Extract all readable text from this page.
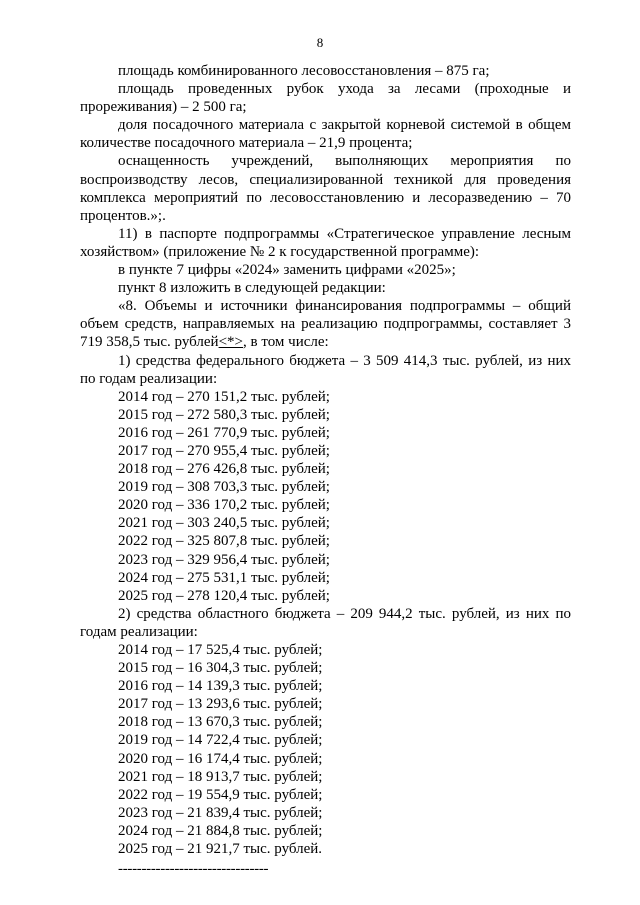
8

площадь комбинированного лесовосстановления – 875 га;

площадь проведенных рубок ухода за лесами (проходные и прореживания) – 2 500 га;

доля посадочного материала с закрытой корневой системой в общем количестве посадочного материала – 21,9 процента;

оснащенность учреждений, выполняющих мероприятия по воспроизводству лесов, специализированной техникой для проведения комплекса мероприятий по лесовосстановлению и лесоразведению – 70 процентов.»;.

11) в паспорте подпрограммы «Стратегическое управление лесным хозяйством» (приложение № 2 к государственной программе):

в пункте 7 цифры «2024» заменить цифрами «2025»;

пункт 8 изложить в следующей редакции:

«8. Объемы и источники финансирования подпрограммы – общий объем средств, направляемых на реализацию подпрограммы, составляет 3 719 358,5 тыс. рублей<*>, в том числе:

1) средства федерального бюджета – 3 509 414,3 тыс. рублей, из них по годам реализации:

2014 год – 270 151,2 тыс. рублей;

2015 год – 272 580,3 тыс. рублей;

2016 год – 261 770,9 тыс. рублей;

2017 год – 270 955,4 тыс. рублей;

2018 год – 276 426,8 тыс. рублей;

2019 год – 308 703,3 тыс. рублей;

2020 год – 336 170,2 тыс. рублей;

2021 год – 303 240,5 тыс. рублей;

2022 год – 325 807,8 тыс. рублей;

2023 год – 329 956,4 тыс. рублей;

2024 год – 275 531,1 тыс. рублей;

2025 год – 278 120,4 тыс. рублей;

2) средства областного бюджета – 209 944,2 тыс. рублей, из них по годам реализации:

2014 год – 17 525,4 тыс. рублей;

2015 год – 16 304,3 тыс. рублей;

2016 год – 14 139,3 тыс. рублей;

2017 год – 13 293,6 тыс. рублей;

2018 год – 13 670,3 тыс. рублей;

2019 год – 14 722,4 тыс. рублей;

2020 год – 16 174,4 тыс. рублей;

2021 год – 18 913,7 тыс. рублей;

2022 год – 19 554,9 тыс. рублей;

2023 год – 21 839,4 тыс. рублей;

2024 год – 21 884,8 тыс. рублей;

2025 год – 21 921,7 тыс. рублей.

--------------------------------
